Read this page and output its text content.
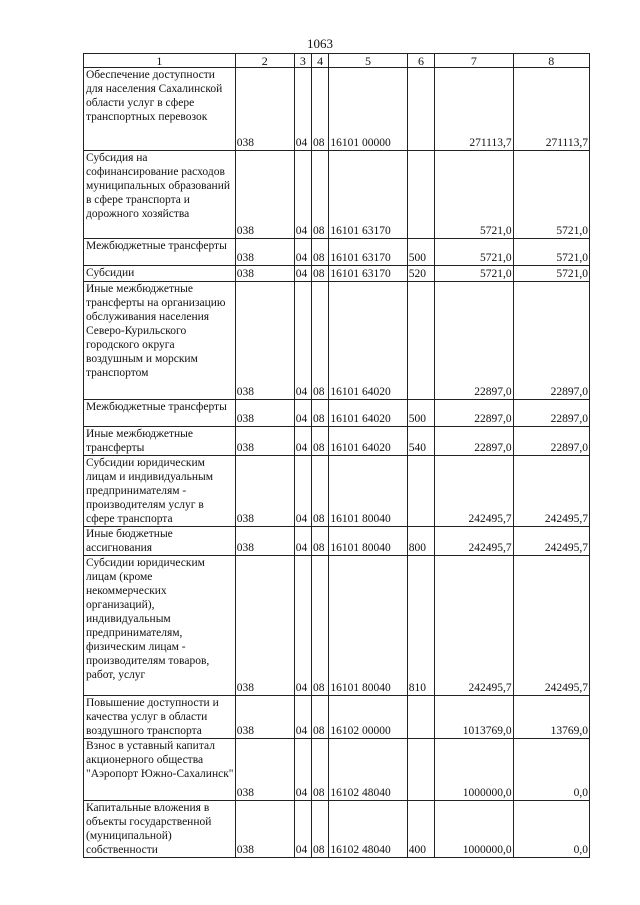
1063
1	2	3	4	5	6	7	8
Обеспечение доступности для населения Сахалинской области услуг в сфере транспортных перевозок	038	04	08	16101 00000		271113,7	271113,7
Субсидия на софинансирование расходов муниципальных образований в сфере транспорта и дорожного хозяйства	038	04	08	16101 63170		5721,0	5721,0
Межбюджетные трансферты	038	04	08	16101 63170	500	5721,0	5721,0
Субсидии	038	04	08	16101 63170	520	5721,0	5721,0
Иные межбюджетные трансферты на организацию обслуживания населения Северо-Курильского городского округа воздушным и морским транспортом	038	04	08	16101 64020		22897,0	22897,0
Межбюджетные трансферты	038	04	08	16101 64020	500	22897,0	22897,0
Иные межбюджетные трансферты	038	04	08	16101 64020	540	22897,0	22897,0
Субсидии юридическим лицам и индивидуальным предпринимателям - производителям услуг в сфере транспорта	038	04	08	16101 80040		242495,7	242495,7
Иные бюджетные ассигнования	038	04	08	16101 80040	800	242495,7	242495,7
Субсидии юридическим лицам (кроме некоммерческих организаций), индивидуальным предпринимателям, физическим лицам - производителям товаров, работ, услуг	038	04	08	16101 80040	810	242495,7	242495,7
Повышение доступности и качества услуг в области воздушного транспорта	038	04	08	16102 00000		1013769,0	13769,0
Взнос в уставный капитал акционерного общества "Аэропорт Южно-Сахалинск"	038	04	08	16102 48040		1000000,0	0,0
Капитальные вложения в объекты государственной (муниципальной) собственности	038	04	08	16102 48040	400	1000000,0	0,0
